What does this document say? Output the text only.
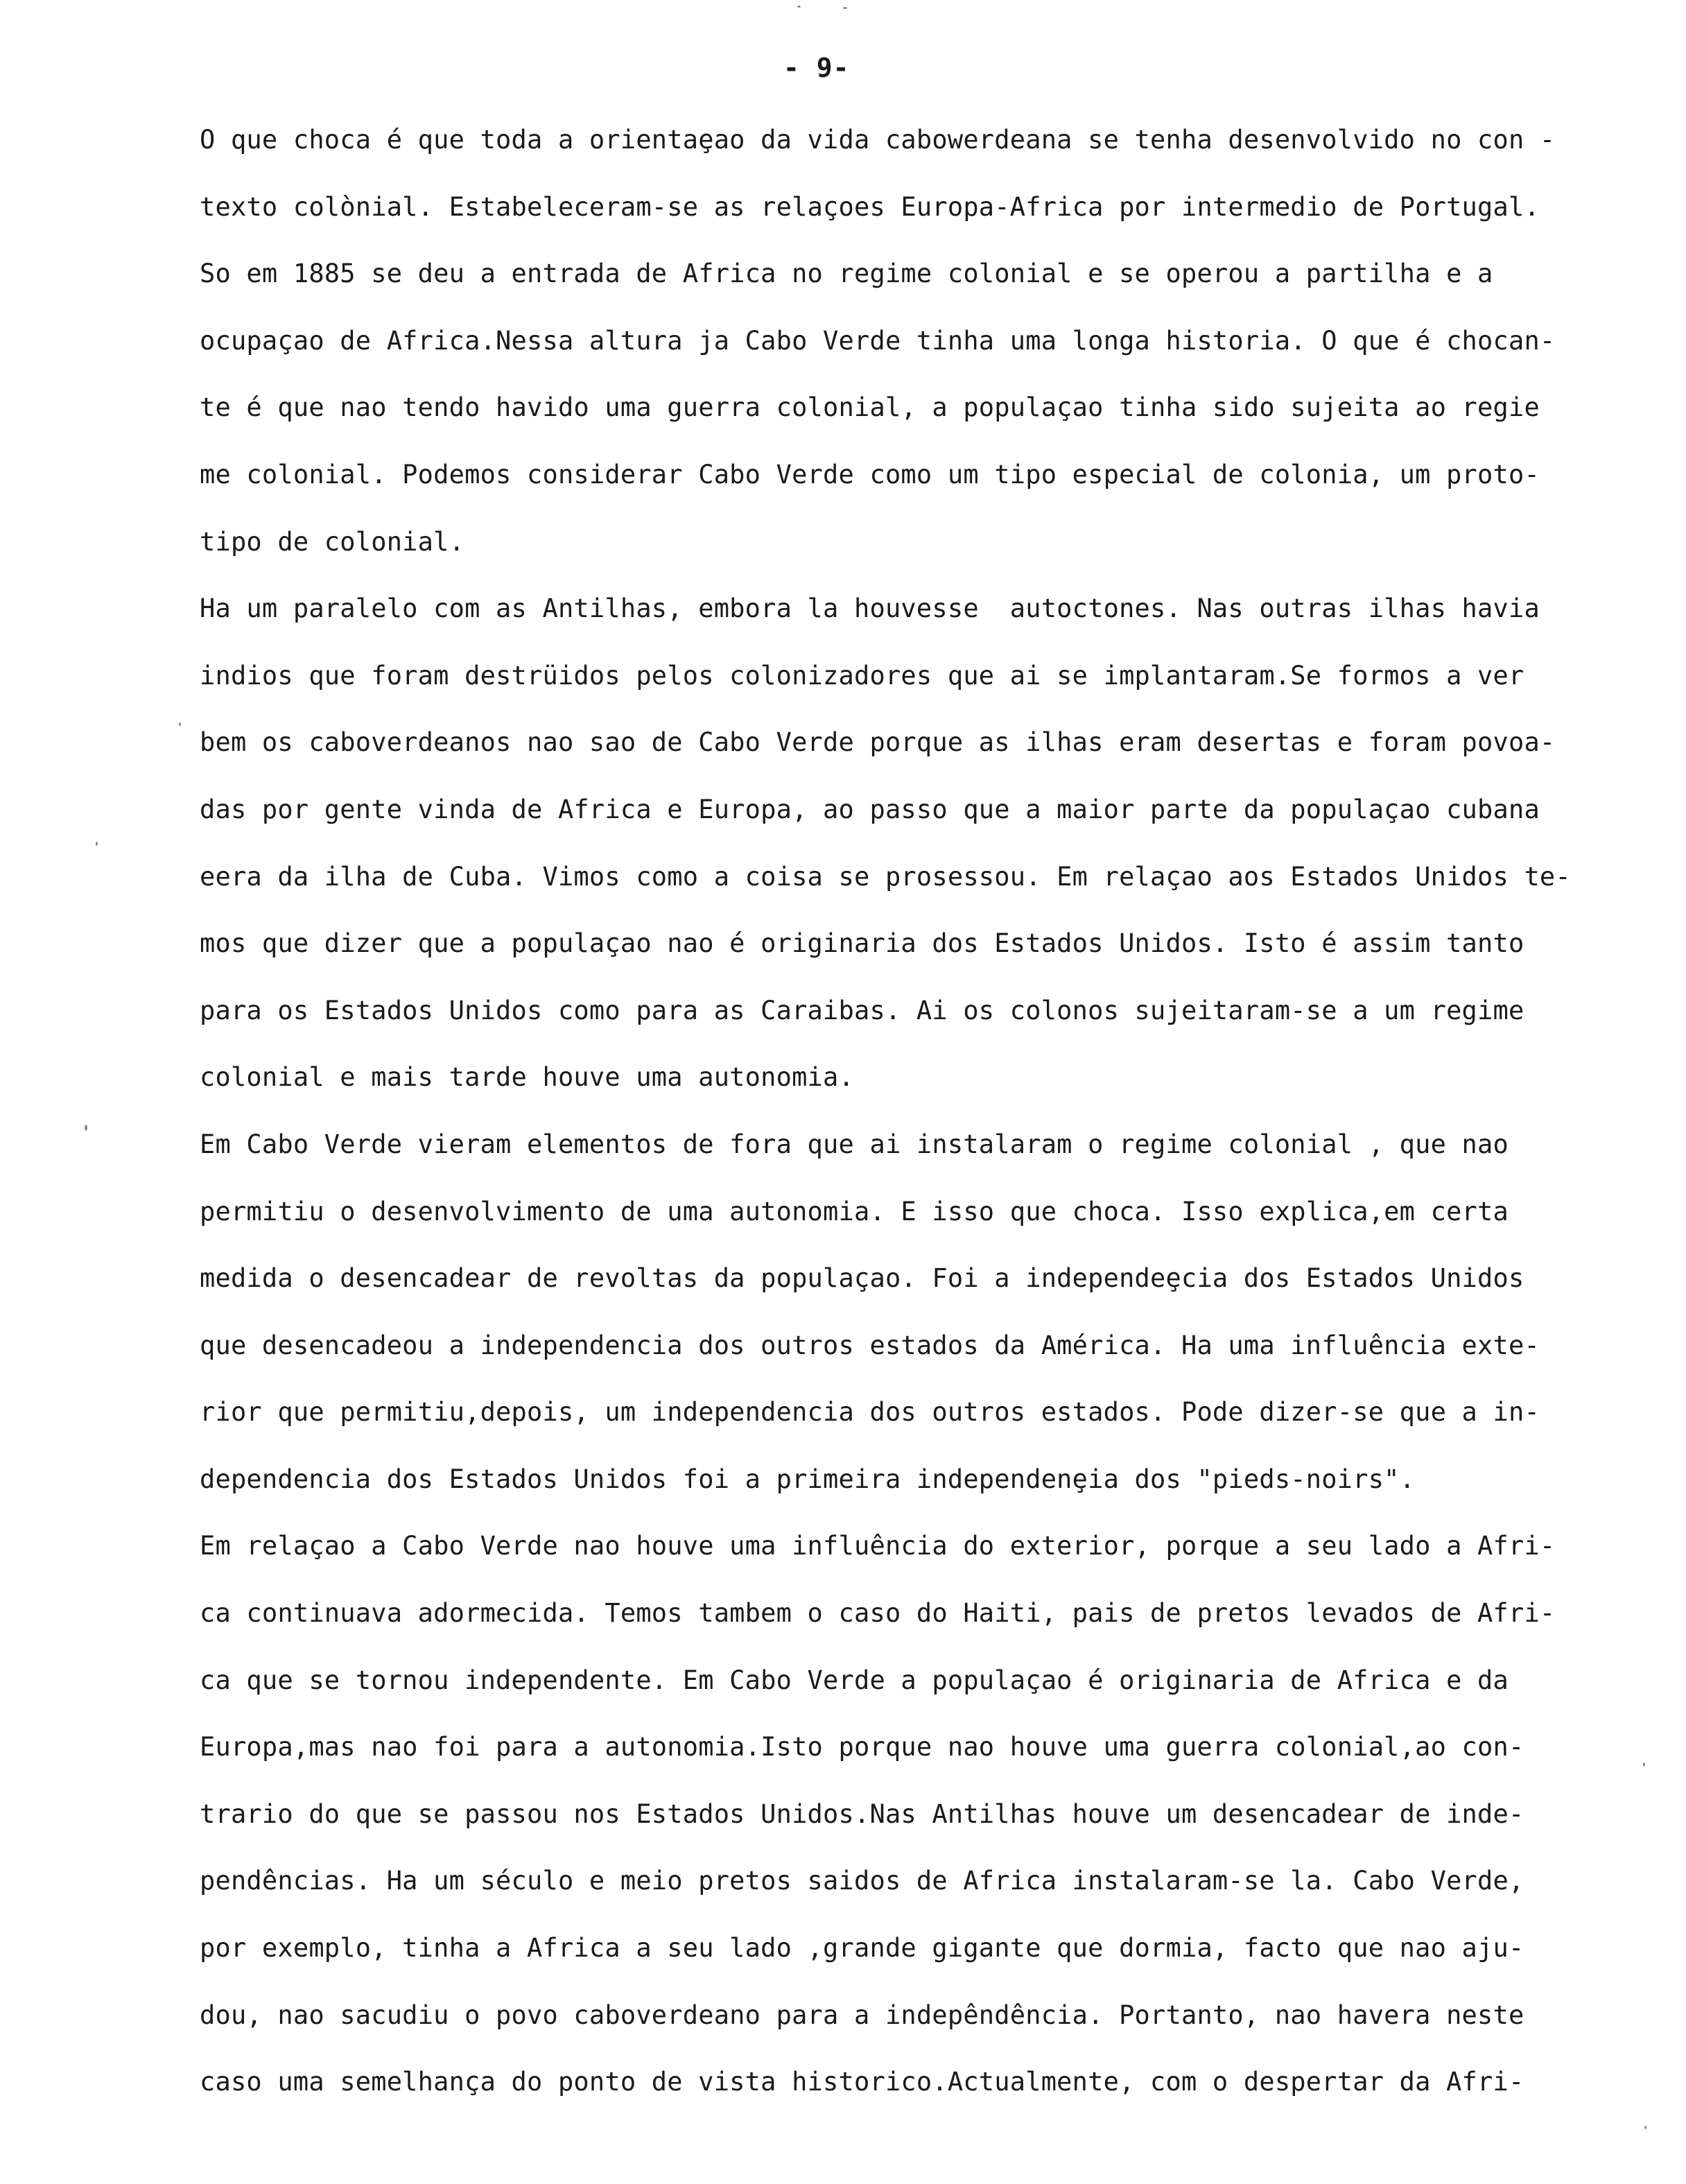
- 9-
O que choca é que toda a orientaȩao da vida cabowerdeana se tenha desenvolvido no con -
texto colònial. Estabeleceram-se as relaçoes Europa-Africa por intermedio de Portugal.
So em 1885 se deu a entrada de Africa no regime colonial e se operou a partilha e a
ocupaçao de Africa.Nessa altura ja Cabo Verde tinha uma longa historia. O que é chocan-
te é que nao tendo havido uma guerra colonial, a populaçao tinha sido sujeita ao regie
me colonial. Podemos considerar Cabo Verde como um tipo especial de colonia, um proto-
tipo de colonial.
Ha um paralelo com as Antilhas, embora la houvesse  autoctones. Nas outras ilhas havia
indios que foram destrüidos pelos colonizadores que ai se implantaram.Se formos a ver
bem os caboverdeanos nao sao de Cabo Verde porque as ilhas eram desertas e foram povoa-
das por gente vinda de Africa e Europa, ao passo que a maior parte da populaçao cubana
eera da ilha de Cuba. Vimos como a coisa se prosessou. Em relaçao aos Estados Unidos te-
mos que dizer que a populaçao nao é originaria dos Estados Unidos. Isto é assim tanto
para os Estados Unidos como para as Caraibas. Ai os colonos sujeitaram-se a um regime
colonial e mais tarde houve uma autonomia.
Em Cabo Verde vieram elementos de fora que ai instalaram o regime colonial , que nao
permitiu o desenvolvimento de uma autonomia. E isso que choca. Isso explica,em certa
medida o desencadear de revoltas da populaçao. Foi a independeȩcia dos Estados Unidos
que desencadeou a independencia dos outros estados da América. Ha uma influência exte-
rior que permitiu,depois, um independencia dos outros estados. Pode dizer-se que a in-
dependencia dos Estados Unidos foi a primeira independenȩia dos "pieds-noirs".
Em relaçao a Cabo Verde nao houve uma influência do exterior, porque a seu lado a Afri-
ca continuava adormecida. Temos tambem o caso do Haiti, pais de pretos levados de Afri-
ca que se tornou independente. Em Cabo Verde a populaçao é originaria de Africa e da
Europa,mas nao foi para a autonomia.Isto porque nao houve uma guerra colonial,ao con-
trario do que se passou nos Estados Unidos.Nas Antilhas houve um desencadear de inde-
pendências. Ha um século e meio pretos saidos de Africa instalaram-se la. Cabo Verde,
por exemplo, tinha a Africa a seu lado ,grande gigante que dormia, facto que nao aju-
dou, nao sacudiu o povo caboverdeano para a indepêndência. Portanto, nao havera neste
caso uma semelhança do ponto de vista historico.Actualmente, com o despertar da Afri-
